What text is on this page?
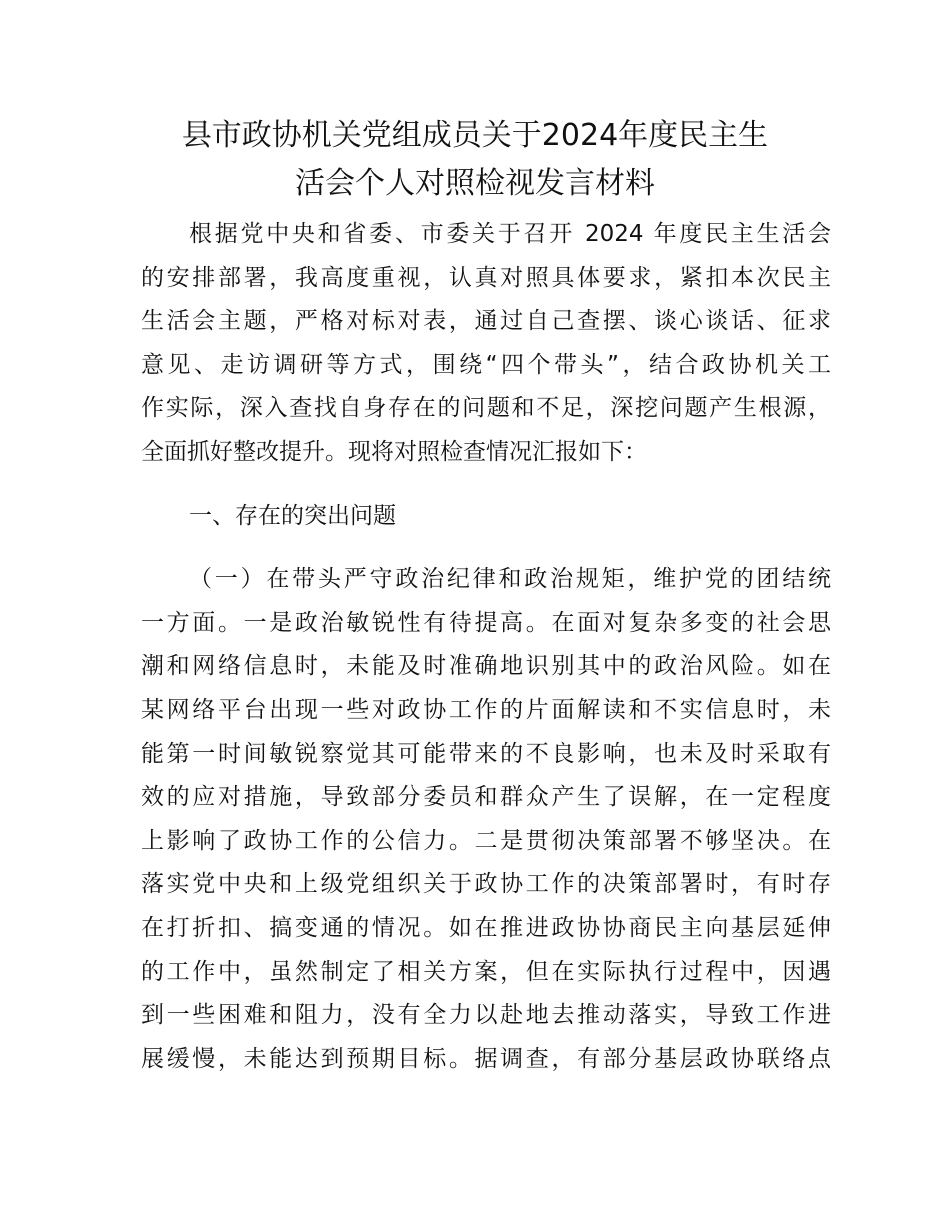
县市政协机关党组成员关于2024年度民主生
活会个人对照检视发言材料
根据党中央和省委、市委关于召开 2024 年度民主生活会
的安排部署，我高度重视，认真对照具体要求，紧扣本次民主
生活会主题，严格对标对表，通过自己查摆、谈心谈话、征求
意见、走访调研等方式，围绕“四个带头”，结合政协机关工
作实际，深入查找自身存在的问题和不足，深挖问题产生根源，
全面抓好整改提升。现将对照检查情况汇报如下：
一、存在的突出问题
（一）在带头严守政治纪律和政治规矩，维护党的团结统
一方面。一是政治敏锐性有待提高。在面对复杂多变的社会思
潮和网络信息时，未能及时准确地识别其中的政治风险。如在
某网络平台出现一些对政协工作的片面解读和不实信息时，未
能第一时间敏锐察觉其可能带来的不良影响，也未及时采取有
效的应对措施，导致部分委员和群众产生了误解，在一定程度
上影响了政协工作的公信力。二是贯彻决策部署不够坚决。在
落实党中央和上级党组织关于政协工作的决策部署时，有时存
在打折扣、搞变通的情况。如在推进政协协商民主向基层延伸
的工作中，虽然制定了相关方案，但在实际执行过程中，因遇
到一些困难和阻力，没有全力以赴地去推动落实，导致工作进
展缓慢，未能达到预期目标。据调查，有部分基层政协联络点
